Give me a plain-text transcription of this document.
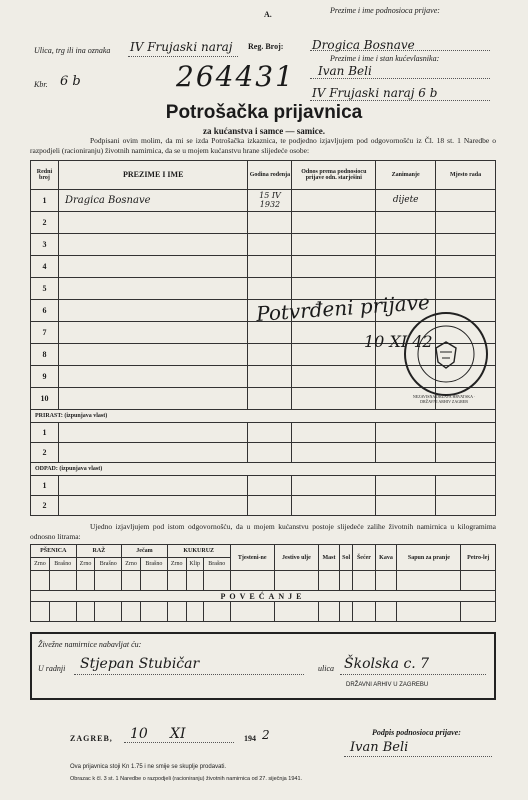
A.
Reg. Broj:
Prezime i ime podnosioca prijave:
Drogica Bosnave
Prezime i ime i stan kućevlasnika:
Ivan Beli
IV Frujaski naraj 6 b
Ulica, trg ili ina oznaka IV Frujaski naraj
Kbr. 6 b	264431
Potrošačka prijavnica
za kućanstva i samce — samice.
Podpisani ovim molim, da mi se izda Potrošačka izkaznica, te podjedno izjavljujem pod odgovornošću iz Čl. 18 st. 1 Naredbe o razpodjeli (racioniranju) životnih namirnica, da se u mojem kućanstvu hrane slijedeće osobe:
Redni broj	PREZIME I IME	Godina rođenja	Odnos prema podnosiocu prijave odn. starješini	Zanimanje	Mjesto rada
1	Dragica Bosnave	15 IV 1932		dijete	
2					
3					
4					
5					
6					
7					
8					
9					
10					
PRIRAST: (izpunjava vlast)					
1					
2					
ODPAD: (izpunjava vlast)					
1					
2					
Potvrđeni prijave
10 XI 42
NEZAVISNA DRŽAVA HRVATSKA · DRŽAVNI ARHIV ZAGREB
Ujedno izjavljujem pod istom odgovornošću, da u mojem kućanstvu postoje slijedeće zalihe životnih namirnica u kilogramima odnosno litrama:
PŠENICA		RAŽ		Ječam		KUKURUZ			Tjesteni-ne	Jestivo ulje	Mast	Sol	Šećer	Kava	Sapun za pranje	Petro-lej
Zrno	Brašno	Zrno	Brašno	Zrno	Brašno	Zrno	Klip	Brašno								

POVEĆANJE																

Živežne namirnice nabavljat ću:
U radnji Stjepan Stubičar	ulica Školska c. 7
DRŽAVNI ARHIV U ZAGREBU
ZAGREB, 10 XI	194 2	Podpis podnosioca prijave:
Ivan Beli
Ova prijavnica stoji Kn 1.75 i ne smije se skuplje prodavati.
Obrazac k čl. 3 st. 1 Naredbe o razpodjeli (racioniranju) životnih namirnica od 27. siječnja 1941.
